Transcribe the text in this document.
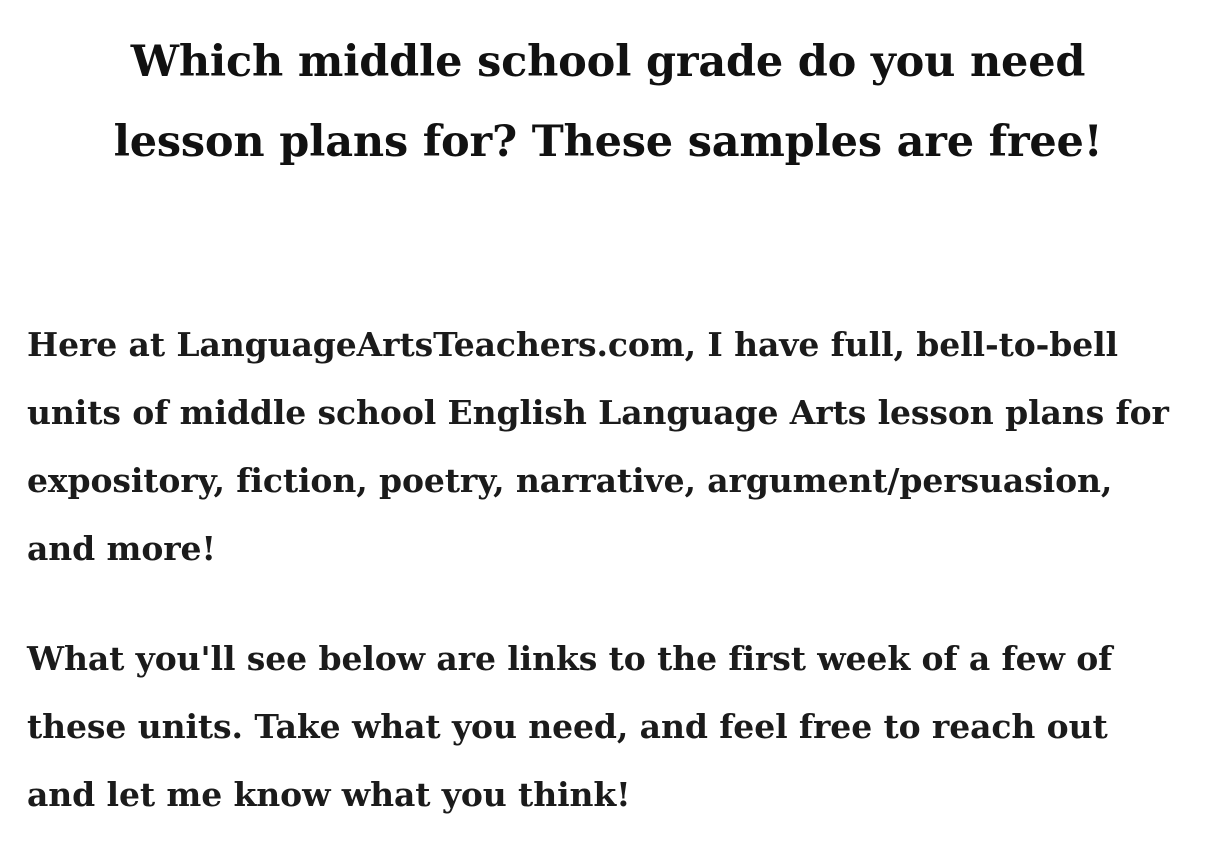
Which middle school grade do you need lesson plans for? These samples are free!

Here at LanguageArtsTeachers.com, I have full, bell-to-bell units of middle school English Language Arts lesson plans for expository, fiction, poetry, narrative, argument/persuasion, and more!

What you'll see below are links to the first week of a few of these units. Take what you need, and feel free to reach out and let me know what you think!
